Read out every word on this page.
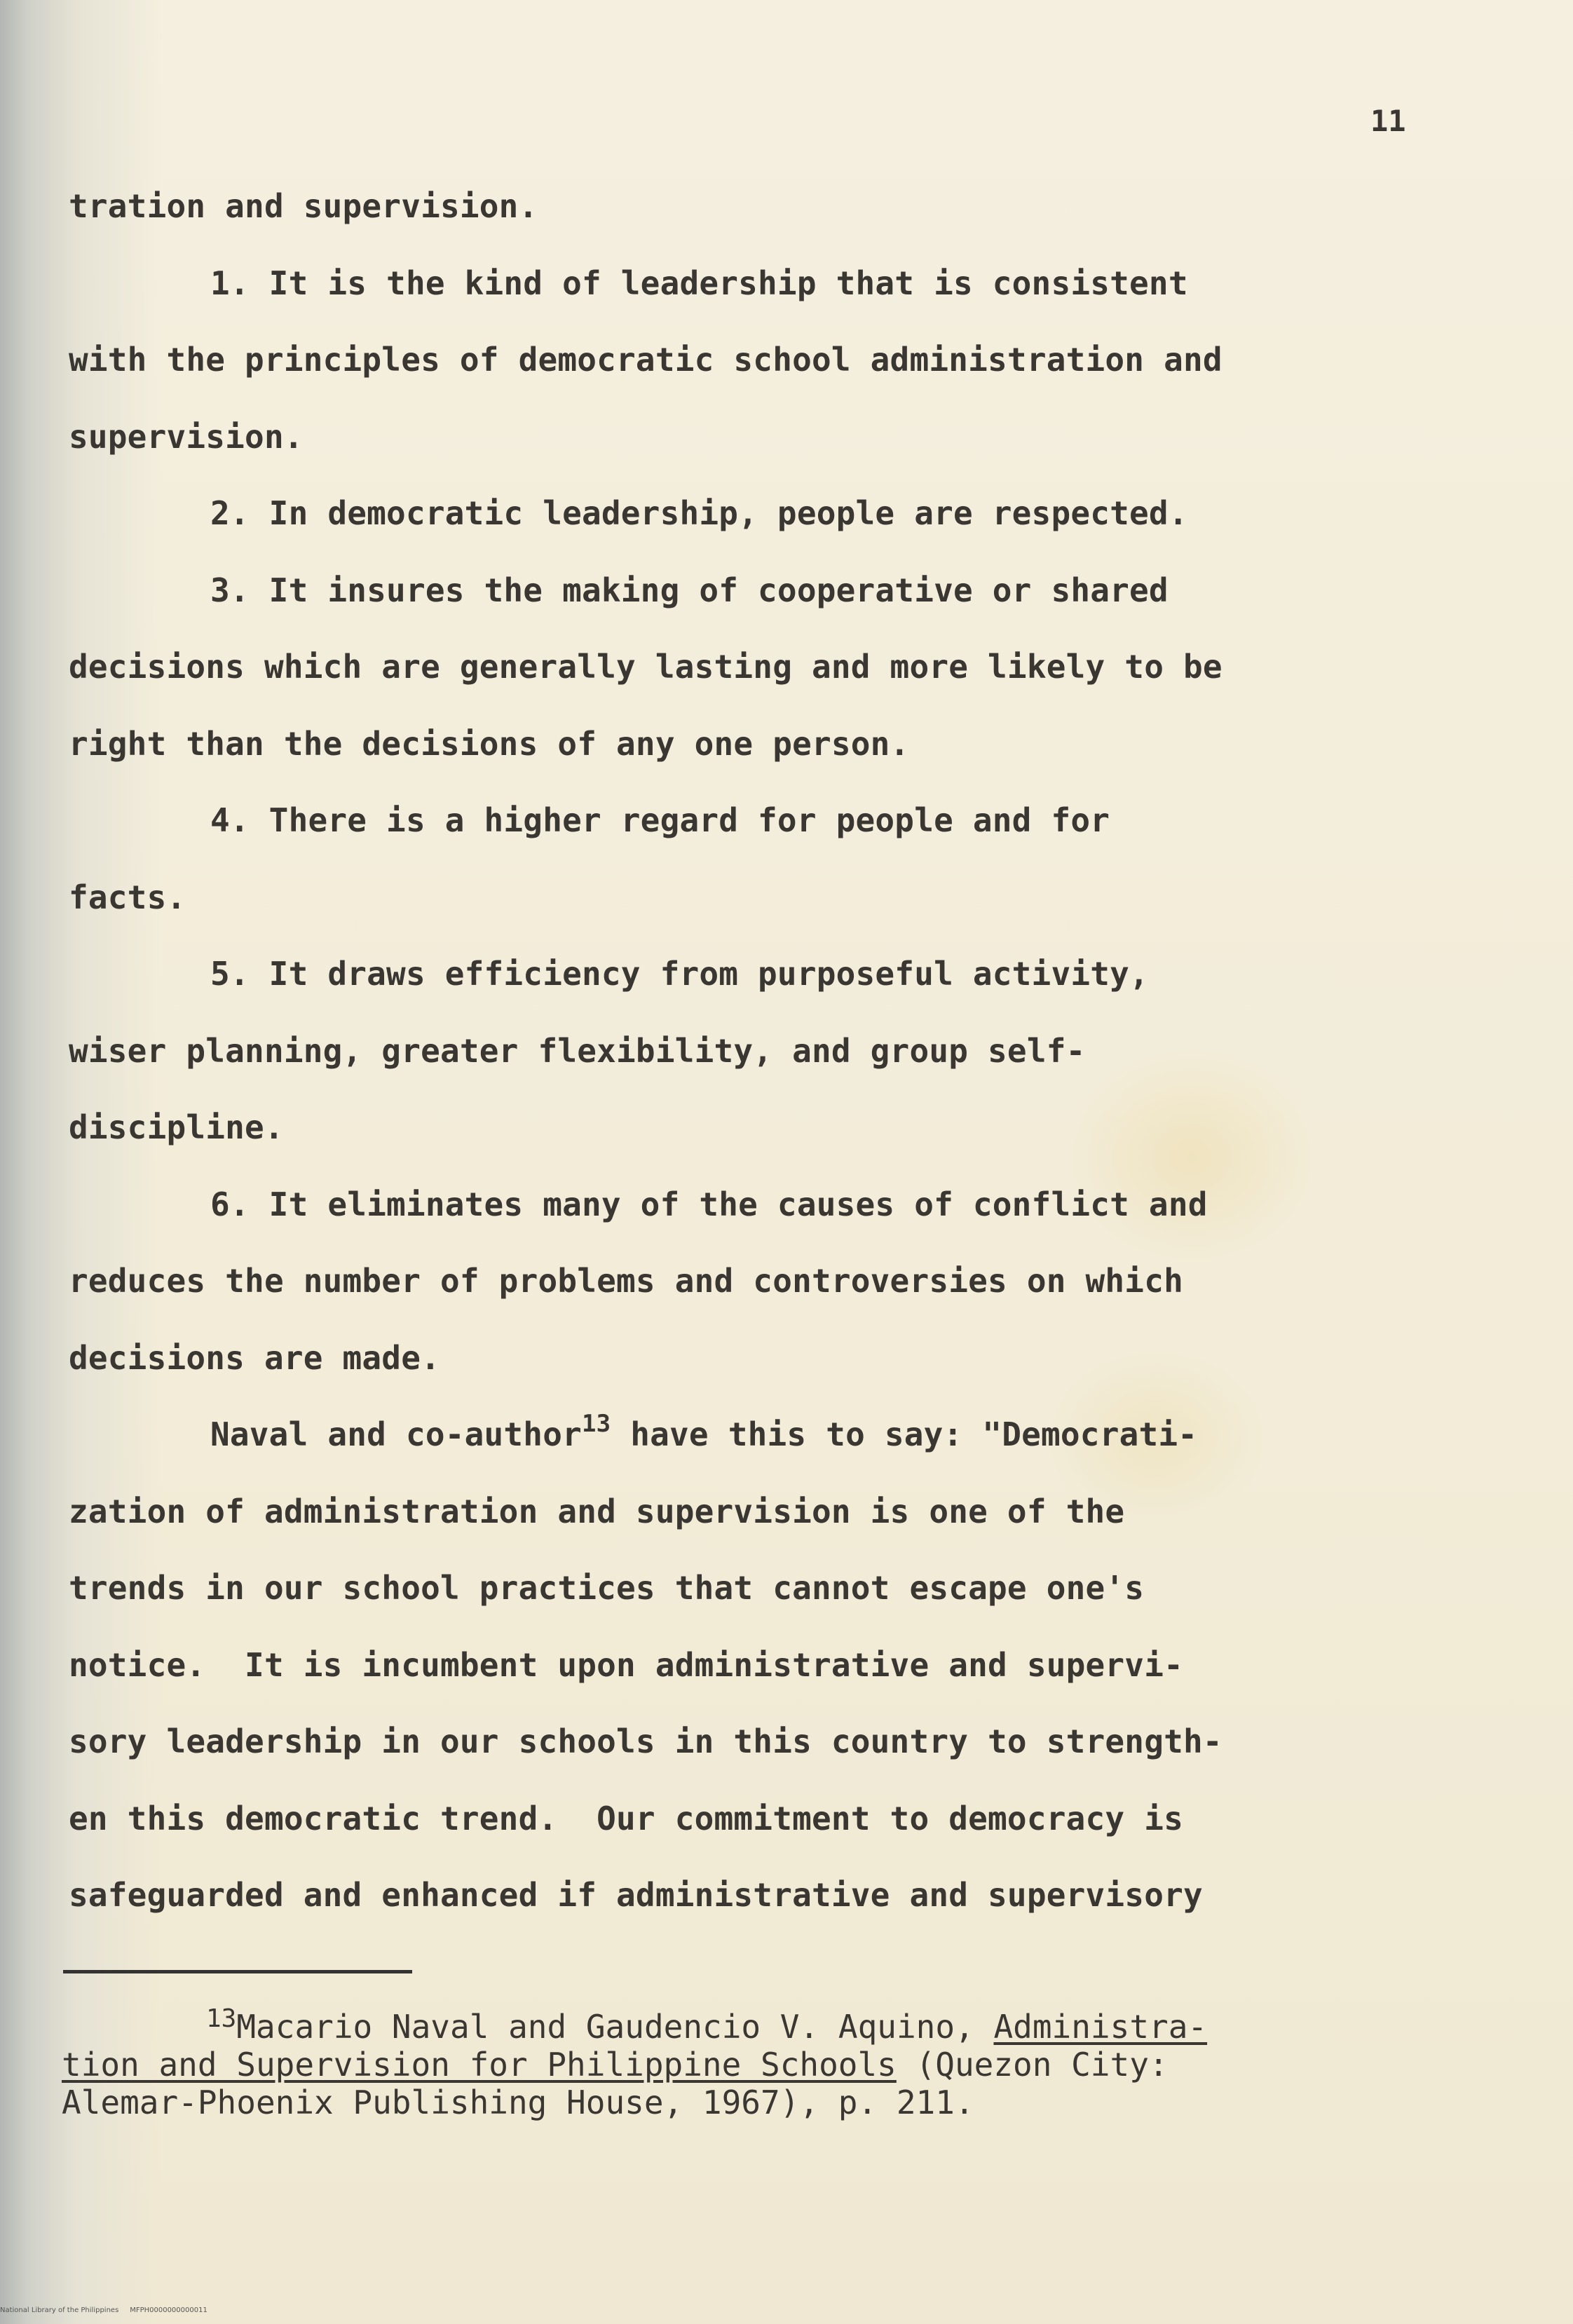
11
tration and supervision.
1. It is the kind of leadership that is consistent
with the principles of democratic school administration and
supervision.
2. In democratic leadership, people are respected.
3. It insures the making of cooperative or shared
decisions which are generally lasting and more likely to be
right than the decisions of any one person.
4. There is a higher regard for people and for
facts.
5. It draws efficiency from purposeful activity,
wiser planning, greater flexibility, and group self-
discipline.
6. It eliminates many of the causes of conflict and
reduces the number of problems and controversies on which
decisions are made.
Naval and co-author$^{13}$ have this to say: "Democrati-
zation of administration and supervision is one of the
trends in our school practices that cannot escape one's
notice.  It is incumbent upon administrative and supervi-
sory leadership in our schools in this country to strength-
en this democratic trend.  Our commitment to democracy is
safeguarded and enhanced if administrative and supervisory
$^{13}$Macario Naval and Gaudencio V. Aquino, Administra-
tion and Supervision for Philippine Schools (Quezon City:
Alemar-Phoenix Publishing House, 1967), p. 211.
National Library of the Philippines MFPH0000000000011
